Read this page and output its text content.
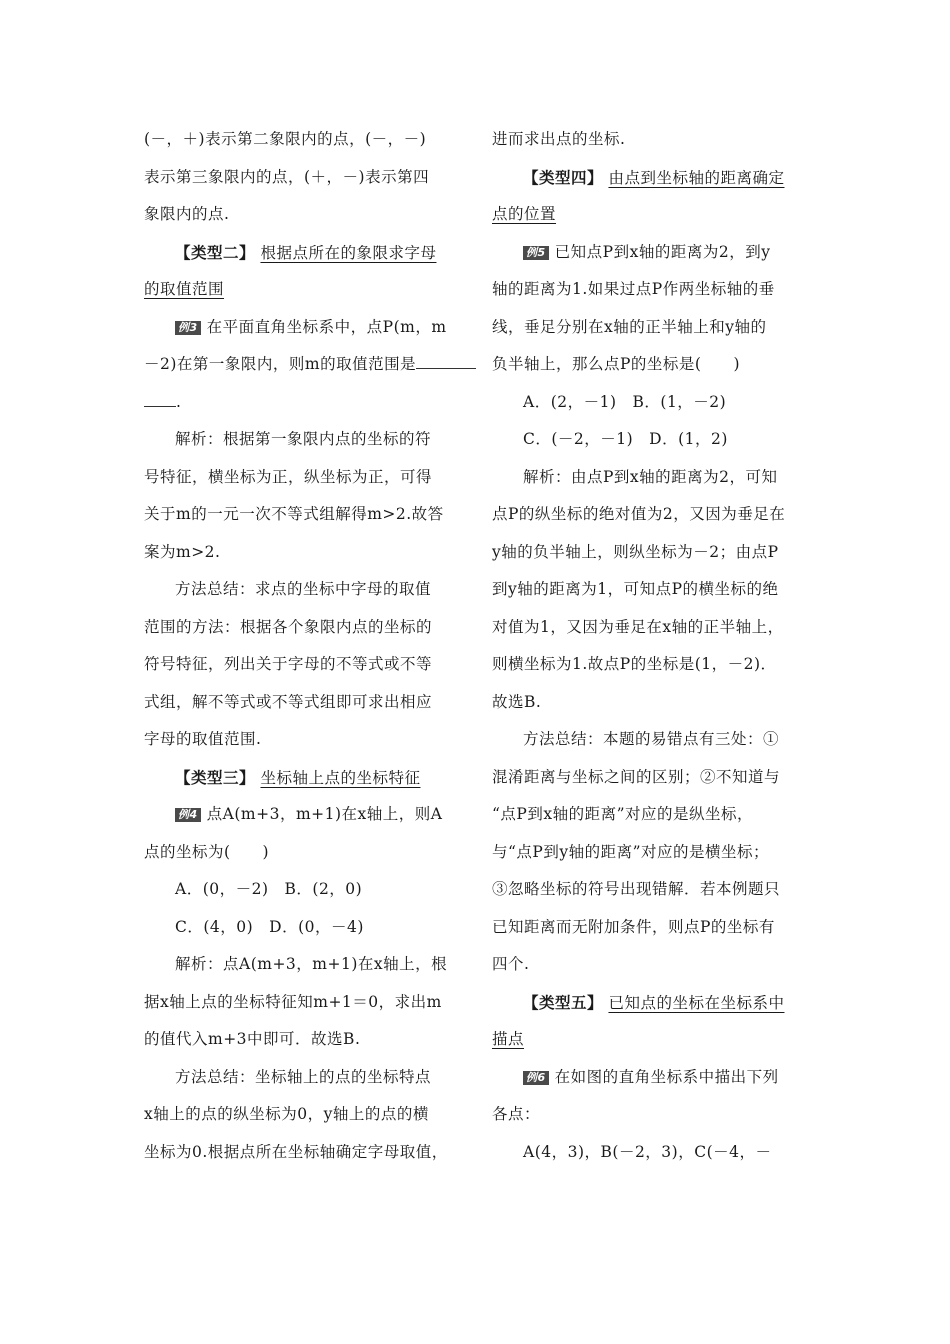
(－，＋)表示第二象限内的点，(－，－)
表示第三象限内的点，(＋，－)表示第四
象限内的点.
【类型二】 根据点所在的象限求字母
的取值范围
例3 在平面直角坐标系中，点P(m，m
－2)在第一象限内，则m的取值范围是
.
解析：根据第一象限内点的坐标的符
号特征，横坐标为正，纵坐标为正，可得
关于m的一元一次不等式组解得m>2.故答
案为m>2.
方法总结：求点的坐标中字母的取值
范围的方法：根据各个象限内点的坐标的
符号特征，列出关于字母的不等式或不等
式组，解不等式或不等式组即可求出相应
字母的取值范围.
【类型三】 坐标轴上点的坐标特征
例4 点A(m+3，m+1)在x轴上，则A
点的坐标为(　　)
A．(0，－2)　B．(2，0)
C．(4，0)　D．(0，－4)
解析：点A(m+3，m+1)在x轴上，根
据x轴上点的坐标特征知m+1＝0，求出m
的值代入m+3中即可．故选B.
方法总结：坐标轴上的点的坐标特点
x轴上的点的纵坐标为0，y轴上的点的横
坐标为0.根据点所在坐标轴确定字母取值，
进而求出点的坐标.
【类型四】 由点到坐标轴的距离确定
点的位置
例5 已知点P到x轴的距离为2，到y
轴的距离为1.如果过点P作两坐标轴的垂
线，垂足分别在x轴的正半轴上和y轴的
负半轴上，那么点P的坐标是(　　)
A．(2，－1)　B．(1，－2)
C．(－2，－1)　D．(1，2)
解析：由点P到x轴的距离为2，可知
点P的纵坐标的绝对值为2，又因为垂足在
y轴的负半轴上，则纵坐标为－2；由点P
到y轴的距离为1，可知点P的横坐标的绝
对值为1，又因为垂足在x轴的正半轴上，
则横坐标为1.故点P的坐标是(1，－2)．
故选B.
方法总结：本题的易错点有三处：①
混淆距离与坐标之间的区别；②不知道与
“点P到x轴的距离”对应的是纵坐标，
与“点P到y轴的距离”对应的是横坐标；
③忽略坐标的符号出现错解．若本例题只
已知距离而无附加条件，则点P的坐标有
四个.
【类型五】 已知点的坐标在坐标系中
描点
例6 在如图的直角坐标系中描出下列
各点：
A(4，3)，B(－2，3)，C(－4，－
